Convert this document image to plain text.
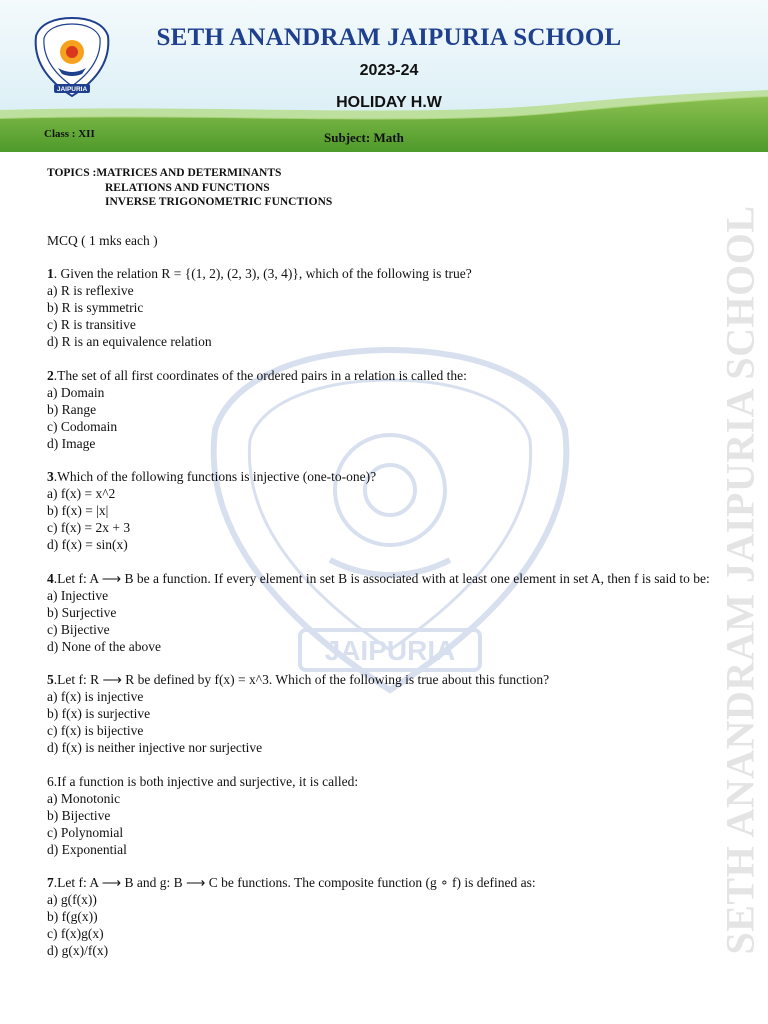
JAIPURIA
SETH ANANDRAM JAIPURIA SCHOOL
2023-24
HOLIDAY H.W
Class : XII	Subject: Math
JAIPURIA	SETH ANANDRAM JAIPURIA SCHOOL
TOPICS :MATRICES AND DETERMINANTS
RELATIONS AND FUNCTIONS
INVERSE TRIGONOMETRIC FUNCTIONS
MCQ ( 1 mks each )
1. Given the relation R = {(1, 2), (2, 3), (3, 4)}, which of the following is true?
a) R is reflexive
b) R is symmetric
c) R is transitive
d) R is an equivalence relation
2.The set of all first coordinates of the ordered pairs in a relation is called the:
a) Domain
b) Range
c) Codomain
d) Image
3.Which of the following functions is injective (one-to-one)?
a) f(x) = x^2
b) f(x) = |x|
c) f(x) = 2x + 3
d) f(x) = sin(x)
4.Let f: A ⟶ B be a function. If every element in set B is associated with at least one element in set A, then f is said to be:
a) Injective
b) Surjective
c) Bijective
d) None of the above
5.Let f: R ⟶ R be defined by f(x) = x^3. Which of the following is true about this function?
a) f(x) is injective
b) f(x) is surjective
c) f(x) is bijective
d) f(x) is neither injective nor surjective
6.If a function is both injective and surjective, it is called:
a) Monotonic
b) Bijective
c) Polynomial
d) Exponential
7.Let f: A ⟶ B and g: B ⟶ C be functions. The composite function (g ∘ f) is defined as:
a) g(f(x))
b) f(g(x))
c) f(x)g(x)
d) g(x)/f(x)
